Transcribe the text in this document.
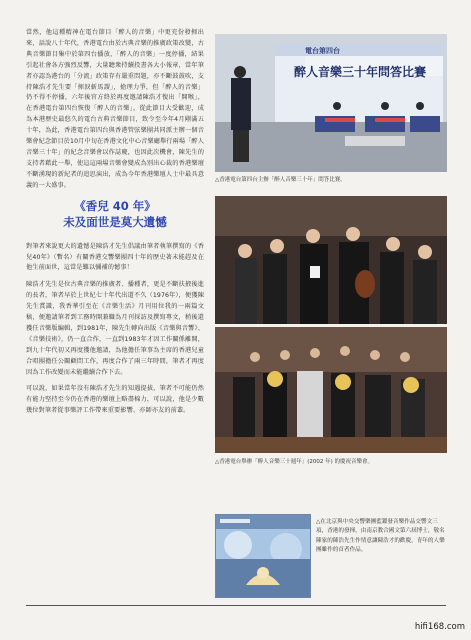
當然，他這種精神在電台節目「醉人的音樂」中更充份發揮出來，話說八十年代，香港電台由於古典音樂的推廣政策改變，古典音樂節目集中於第四台播放，「醉人的音樂」一度停播，結果引起社會各方強烈反響，大量聽衆持續投書各大小報章，當年筆者亦認為港台的「分流」政策存有嚴重問題，亦不斷鼓鼓吹，支持陳浩才先生要「揮淚斬馬謖」，搶理力爭，但「醉人的音樂」仍不得不停播，六年後官方終於再度邀請陳浩才復出「開喉」，在香港電台第四台恢復「醉人的音樂」，從此節目大受歡迎，成為本港歷史最悠久的電台古典音樂節目，致令至今年4月剛滿五十年，為此，香港電台第四台與香港管弦樂團共同派主辦一個音樂會紀念節目於10月中旬在香港文化中心音樂廳舉行兩場「醉人音樂三十年」的紀念音樂會以作誌慶，也因此次機會，陳先生的支持者藉此一舉，使這這兩場音樂會變成為別出心裁的香港樂壇不斷湧現的新紀者的追思演出，成為今年香港樂壇人士中最具意義的一大盛事。

《香兒 40 年》
未及面世是莫大遺憾

對筆者來說更大的遺憾是陳浩才先生倡議由筆者執筆撰寫的《香兒40年》（暫名）有關香港交響樂團四十年的歷史著未能趕及在他生前面世，這當是難以彌補的憾事！

陳浩才先生是位古典音樂的推廣者、播種者，更是不斷扶掖後進的長者，筆者早於上世紀七十年代出道不久（1976年），便獲陳先生賞識，我香華引至在《音樂生活》月刊用位我的一兩篇文稿，便邀請筆者到工務時開兼職為月刊採訪及撰寫專文，稍後還獲任音樂版編輯，到1981年，陳先生轉向出版《音樂與音響》、《音樂技術》，仍一直合作，一直到1983年才因工作關係離開，到九十年代初又再度獲他邀請，為他擔任筆事為主席的香港兒童合唱團擔任公關顧問工作，再度合作了兩三年時間，筆者才再度因為工作改變而未能繼續合作下去。

可以說，如果當年沒有陳浩才先生的知遇提拔，筆者不可能仍然有能力堅持至今仍在香港的樂壇上略盡棉力，可以說，他是少數幾位對筆者從事樂評工作帶來重要影響、亦師亦友的前輩。

電台第四台
醉人音樂三十年問答比賽
△香港電台第四台主辦「醉人音樂三十年」問答比賽。
△香港電台舉辦「醉人音樂三十週年」(2002 年) 的慶祝音樂會。
△在北京與中央交響樂團藍鑑發音樂作品交響文三項，香港的發揮，由南京教合國文第六屆博士，敬名陳家的陳浩先生作情意讓陳浩才的歡慶，青年的人樂團雖作的首者作品。
hifi168.com
